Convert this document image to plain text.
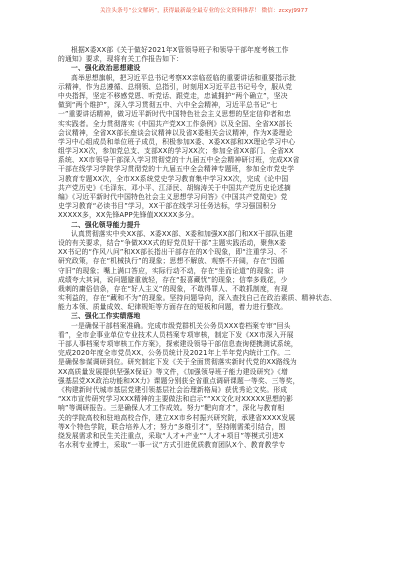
关注头条号“公文解码”，获得最新最全最专业的公文资料推荐！ 微信：zcxyj9977
根据X委XX部《关于做好2021年X管领导班子和领导干部年度考核工作
的通知》要求，现将有关工作报告如下：
一、强化政治思想建设
高举思想旗帜，把习近平总书记考察XX亲临莅临的重要讲话和重要指示批
示精神，作为总遵循、总纲领、总指引，时刻用X习近平总书记号令，服从党
中央指挥，坚定不移感党恩、听党话、跟党走，忠诚拥护“两个确立”，坚决
做到“两个维护”，深入学习贯彻五中、六中全会精神，习近平总书记“七
一”重要讲话精神，做习近平新时代中国特色社会主义思想的坚定信仰者和忠
实实践者。全力贯彻落实《中国共产党XX工作条例》以及全国、全省XX部长
会议精神，全省XX部长座谈会议精神以及省X委相关会议精神，作为X委理论
学习中心组成员和单位班子成员，积极参加X委、X委XX部和XX理论学习中心
组学习XX次，参加党总支、支部XX的学习XX次；参加全省XX部门、全省XX
系统、XX市领导干部深入学习贯彻党的十九届五中全会精神研讨班，完成XX省
干部在线学习学院学习贯彻党的十九届五中全会精神专题班，参加全市党史学
习教育专题XX次，全市XX系统党史学习教育集中学习XX次，完成《论中国
共产党历史》《毛泽东、邓小平、江泽民、胡锦涛关于中国共产党历史论述摘
编》《习近平新时代中国特色社会主义思想学习问答》《中国共产党简史》党
史学习教育“必读书目”学习，XX干部在线学习任务达标，学习强国积分
XXXXX多，XX先锋APP先锋值XXXXX多分。
二、强化领导能力提升
认真贯彻落实中央XX部、X委XX部、X委和加强XX部门和XX干部队伍建
设的有关要求，结合“争做XXX式的好党员好干部”主题实践活动，聚焦X委
XX书记的“作风八问”和XX部长指出干部存在的X个现象，即“注重学习、不
研究政策，存在“机械执行”的现象；思想不解放、观察不开阔，存在“因循
守旧”的现象；嘴上满口答应，实际行动不动，存在“坐而论道”的现象；讲
成绩夸大其词，说问题避重就轻，存在“报喜藏忧”的现象；信奉多栽花，少
栽刺的庸俗信条，存在“好人主义”的现象，不敢得罪人、不敢抓制度，有现
实利益的，存在“藏和不为”的现象。坚持问题导向，深入查找自己在政治素质、精神状态、
能力本领、质量成效、纪律规矩等方面存在的短板和问题，着力进行整改。
三、强化工作实绩落地
一是确保干部档案准确。完成市级党群机关公务员XXX卷档案专审“回头
看”，全市企事业单位专业技术人员档案专项审核，制定下发《XX市深入开展
干部人事档案专项审核工作方案》，探索建设领导干部信息查询便携测试系统，
完成2020年度全市党员XX、公务员统计及2021年上半年党内统计工作。二
是确保参谋调研到位。研究制定下发《关于全面贯彻落实新时代党的XX路线为
XX高质量发展提供坚强X保证》等文件，《加强领导班子能力建设研究》《增
强基层党XX政治功能和XX力》课题分别获全省重点调研课题一等奖、三等奖，
《构建新时代城市基层党建引领基层社会治理新格局》获优秀论文奖。形成
“XX市宣传研究学习XXX精神的主要做法和启示”“XX文化对XXXXX思想的影
响”等调研报告。三是确保人才工作成效。努力“靶向育才”，深化与教育相
关的学院高校和驻地高校合作，建立XX市乡村振兴研究院，承建省XXXX发展
等X个特色学院，联合培养人才；努力“多维引才”，坚持刚需柔引结合，围
绕发展需求和民生关注重点，采取“人才+产业”“人才+项目”等模式引进X
名水利专业博士，采取“一事一议”方式引进优质教育团队X个、教育教学专
